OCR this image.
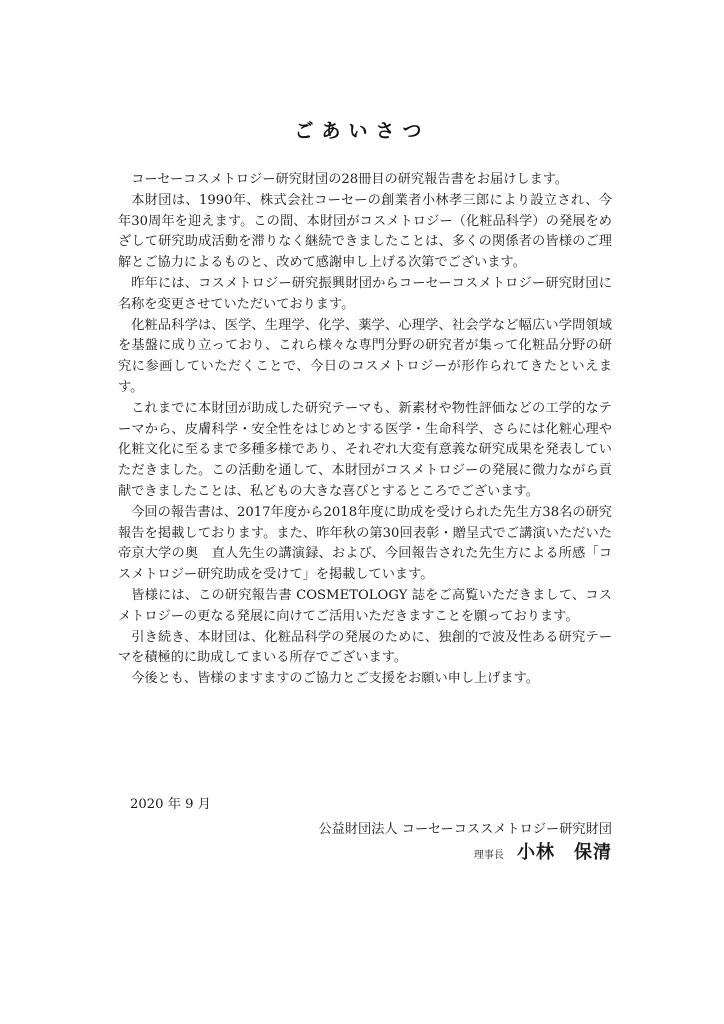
ごあいさつ

コーセーコスメトロジー研究財団の28冊目の研究報告書をお届けします。

本財団は、1990年、株式会社コーセーの創業者小林孝三郎により設立され、今年30周年を迎えます。この間、本財団がコスメトロジー（化粧品科学）の発展をめざして研究助成活動を滞りなく継続できましたことは、多くの関係者の皆様のご理解とご協力によるものと、改めて感謝申し上げる次第でございます。

昨年には、コスメトロジー研究振興財団からコーセーコスメトロジー研究財団に名称を変更させていただいております。

化粧品科学は、医学、生理学、化学、薬学、心理学、社会学など幅広い学問領域を基盤に成り立っており、これら様々な専門分野の研究者が集って化粧品分野の研究に参画していただくことで、今日のコスメトロジーが形作られてきたといえます。

これまでに本財団が助成した研究テーマも、新素材や物性評価などの工学的なテーマから、皮膚科学・安全性をはじめとする医学・生命科学、さらには化粧心理や化粧文化に至るまで多種多様であり、それぞれ大変有意義な研究成果を発表していただきました。この活動を通して、本財団がコスメトロジーの発展に微力ながら貢献できましたことは、私どもの大きな喜びとするところでございます。

今回の報告書は、2017年度から2018年度に助成を受けられた先生方38名の研究報告を掲載しております。また、昨年秋の第30回表彰・贈呈式でご講演いただいた帝京大学の奥　直人先生の講演録、および、今回報告された先生方による所感「コスメトロジー研究助成を受けて」を掲載しています。

皆様には、この研究報告書 COSMETOLOGY 誌をご高覧いただきまして、コスメトロジーの更なる発展に向けてご活用いただきますことを願っております。

引き続き、本財団は、化粧品科学の発展のために、独創的で波及性ある研究テーマを積極的に助成してまいる所存でございます。

今後とも、皆様のますますのご協力とご支援をお願い申し上げます。

2020 年 9 月
公益財団法人 コーセーコススメトロジー研究財団
理事長 小林　保清
